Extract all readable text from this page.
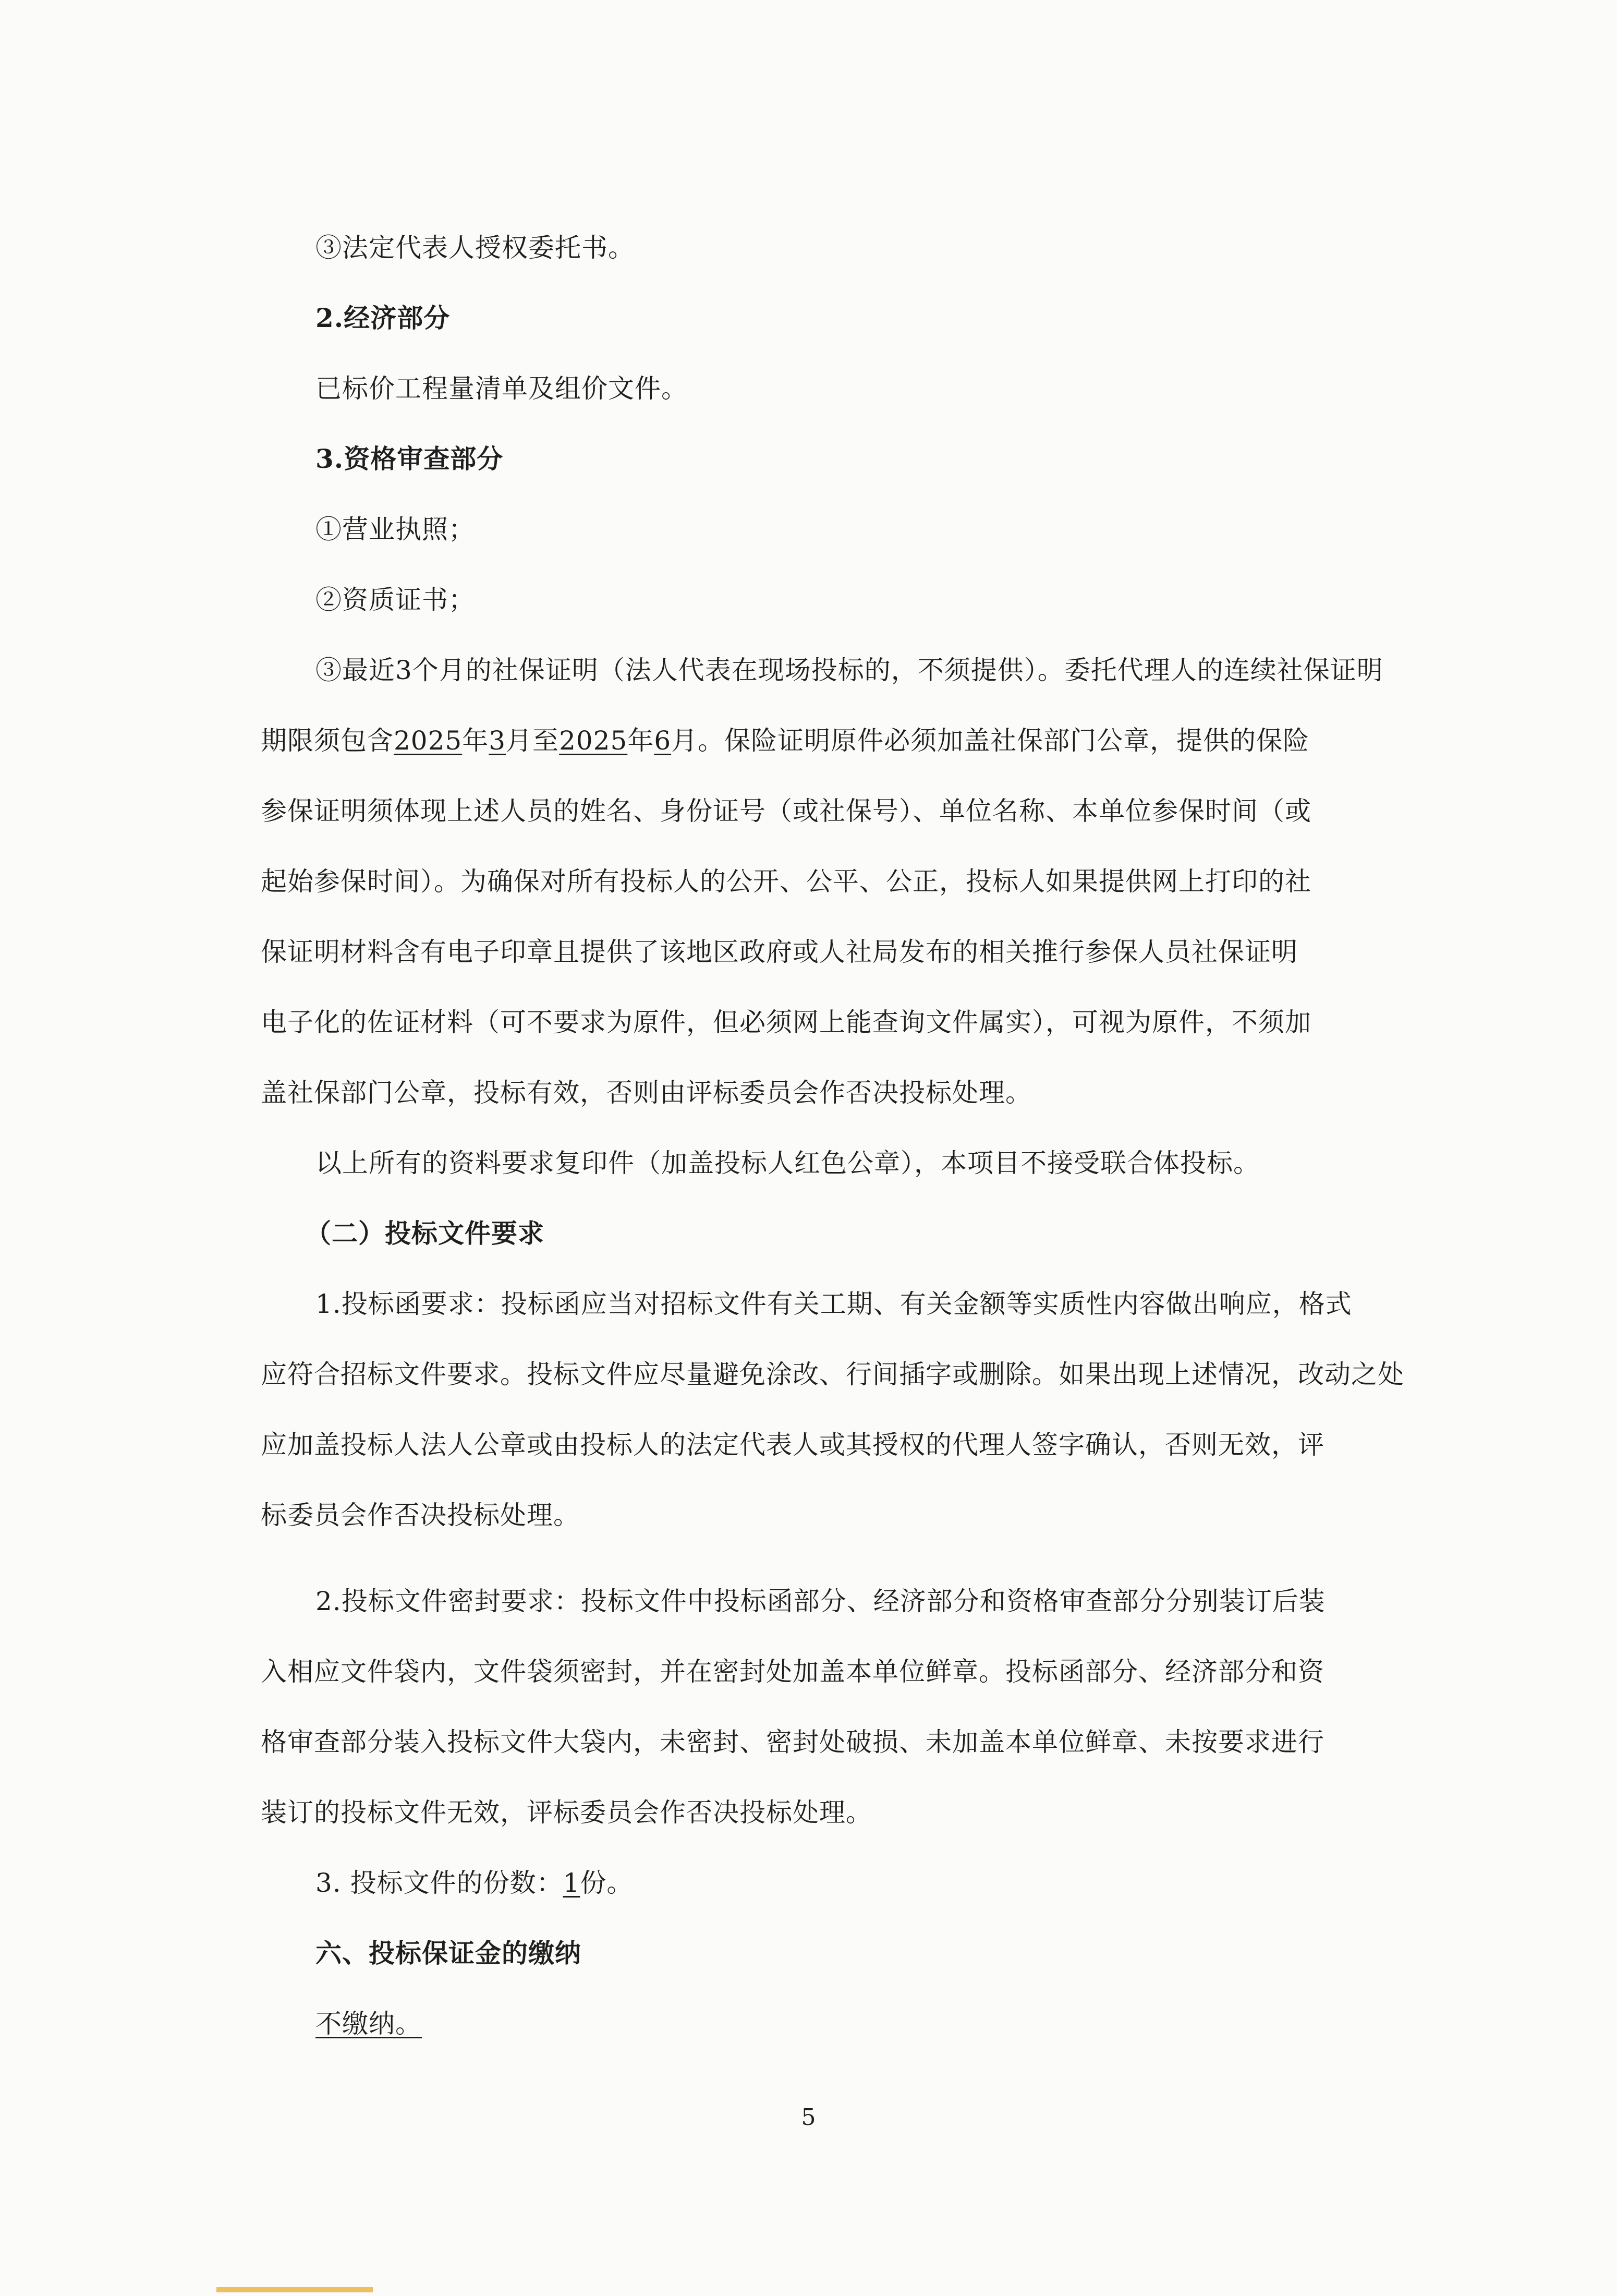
③法定代表人授权委托书。
2.经济部分
已标价工程量清单及组价文件。
3.资格审查部分
①营业执照；
②资质证书；
③最近3个月的社保证明（法人代表在现场投标的，不须提供）。委托代理人的连续社保证明
期限须包含2025年3月至2025年6月。保险证明原件必须加盖社保部门公章，提供的保险
参保证明须体现上述人员的姓名、身份证号（或社保号）、单位名称、本单位参保时间（或
起始参保时间）。为确保对所有投标人的公开、公平、公正，投标人如果提供网上打印的社
保证明材料含有电子印章且提供了该地区政府或人社局发布的相关推行参保人员社保证明
电子化的佐证材料（可不要求为原件，但必须网上能查询文件属实），可视为原件，不须加
盖社保部门公章，投标有效，否则由评标委员会作否决投标处理。
以上所有的资料要求复印件（加盖投标人红色公章），本项目不接受联合体投标。
（二）投标文件要求
1.投标函要求：投标函应当对招标文件有关工期、有关金额等实质性内容做出响应，格式
应符合招标文件要求。投标文件应尽量避免涂改、行间插字或删除。如果出现上述情况，改动之处
应加盖投标人法人公章或由投标人的法定代表人或其授权的代理人签字确认，否则无效，评
标委员会作否决投标处理。
2.投标文件密封要求：投标文件中投标函部分、经济部分和资格审查部分分别装订后装
入相应文件袋内，文件袋须密封，并在密封处加盖本单位鲜章。投标函部分、经济部分和资
格审查部分装入投标文件大袋内，未密封、密封处破损、未加盖本单位鲜章、未按要求进行
装订的投标文件无效，评标委员会作否决投标处理。
3. 投标文件的份数：1份。
六、投标保证金的缴纳
不缴纳。
5
